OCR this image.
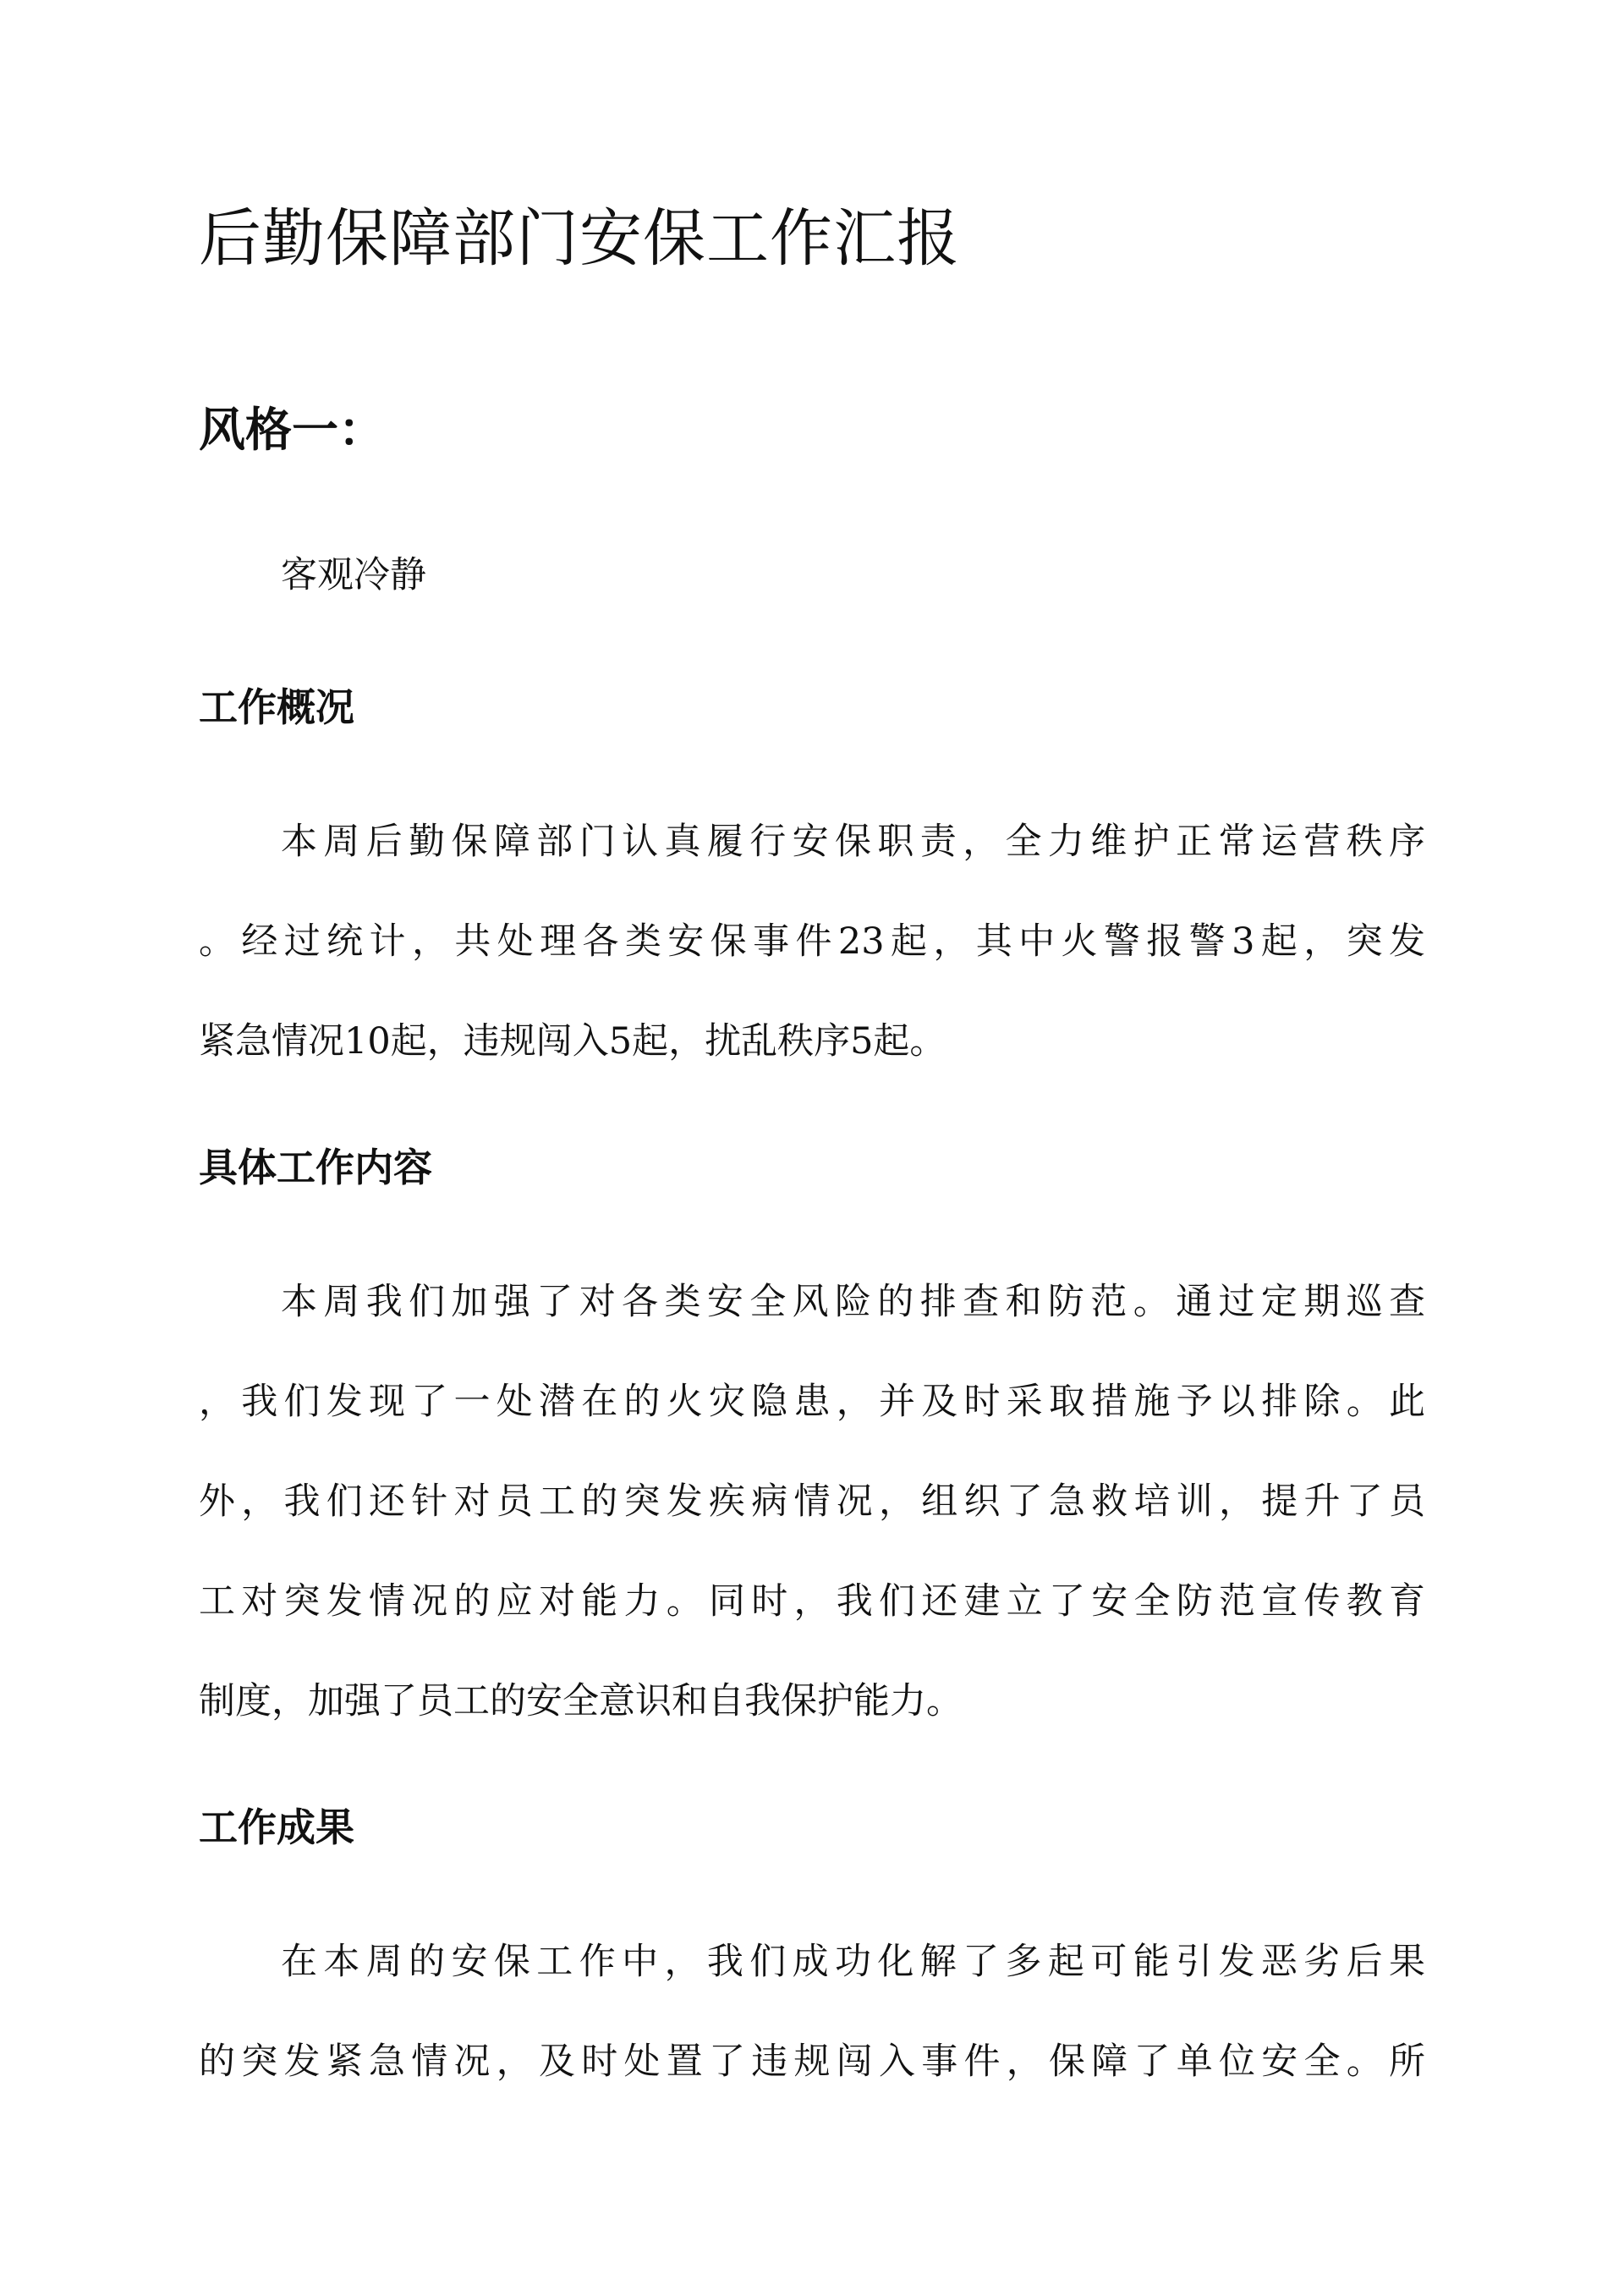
后勤保障部门安保工作汇报
风格一：

客观冷静

工作概况

本周后勤保障部门认真履行安保职责，全力维护正常运营秩序

。经过统计，共处理各类安保事件23起，其中火警报警3起，突发

紧急情况10起，违规闯入5起，扰乱秩序5起。

具体工作内容

本周我们加强了对各类安全风险的排查和防范。通过定期巡查

，我们发现了一处潜在的火灾隐患，并及时采取措施予以排除。此

外，我们还针对员工的突发疾病情况，组织了急救培训，提升了员

工对突发情况的应对能力。同时，我们还建立了安全防范宣传教育

制度，加强了员工的安全意识和自我保护能力。

工作成果

在本周的安保工作中，我们成功化解了多起可能引发恶劣后果

的突发紧急情况，及时处置了违规闯入事件，保障了单位安全。所
